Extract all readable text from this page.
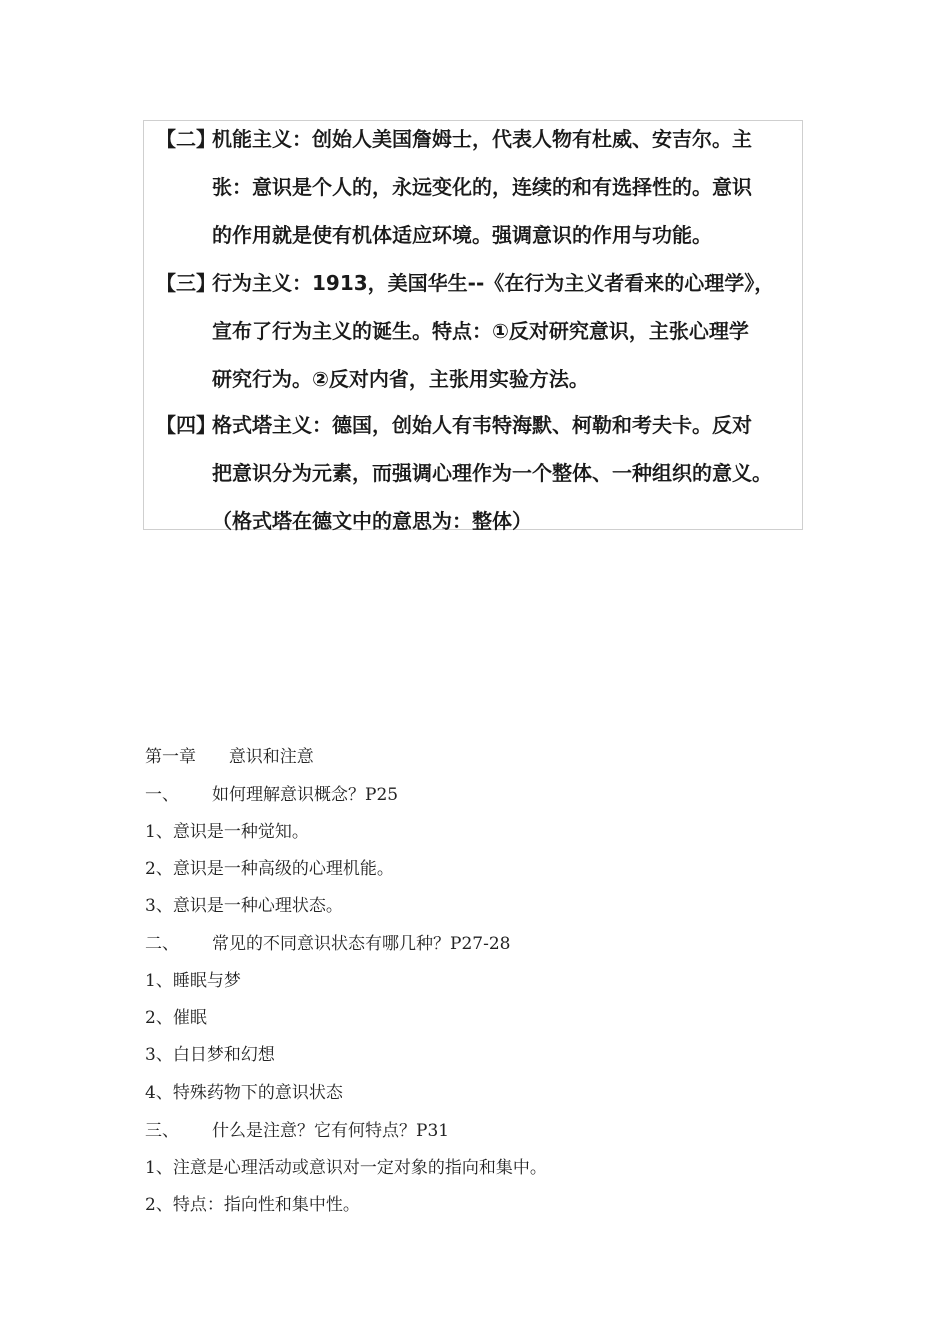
【二】
机能主义：创始人美国詹姆士，代表人物有杜威、安吉尔。主
张：意识是个人的，永远变化的，连续的和有选择性的。意识
的作用就是使有机体适应环境。强调意识的作用与功能。
【三】
行为主义：1913，美国华生--《在行为主义者看来的心理学》，
宣布了行为主义的诞生。特点：①反对研究意识，主张心理学
研究行为。②反对内省，主张用实验方法。
【四】
格式塔主义：德国，创始人有韦特海默、柯勒和考夫卡。反对
把意识分为元素，而强调心理作为一个整体、一种组织的意义。
（格式塔在德文中的意思为：整体）
第一章 意识和注意
一、 如何理解意识概念？P25
1、意识是一种觉知。
2、意识是一种高级的心理机能。
3、意识是一种心理状态。
二、 常见的不同意识状态有哪几种？P27-28
1、睡眠与梦
2、催眠
3、白日梦和幻想
4、特殊药物下的意识状态
三、 什么是注意？它有何特点？P31
1、注意是心理活动或意识对一定对象的指向和集中。
2、特点：指向性和集中性。
